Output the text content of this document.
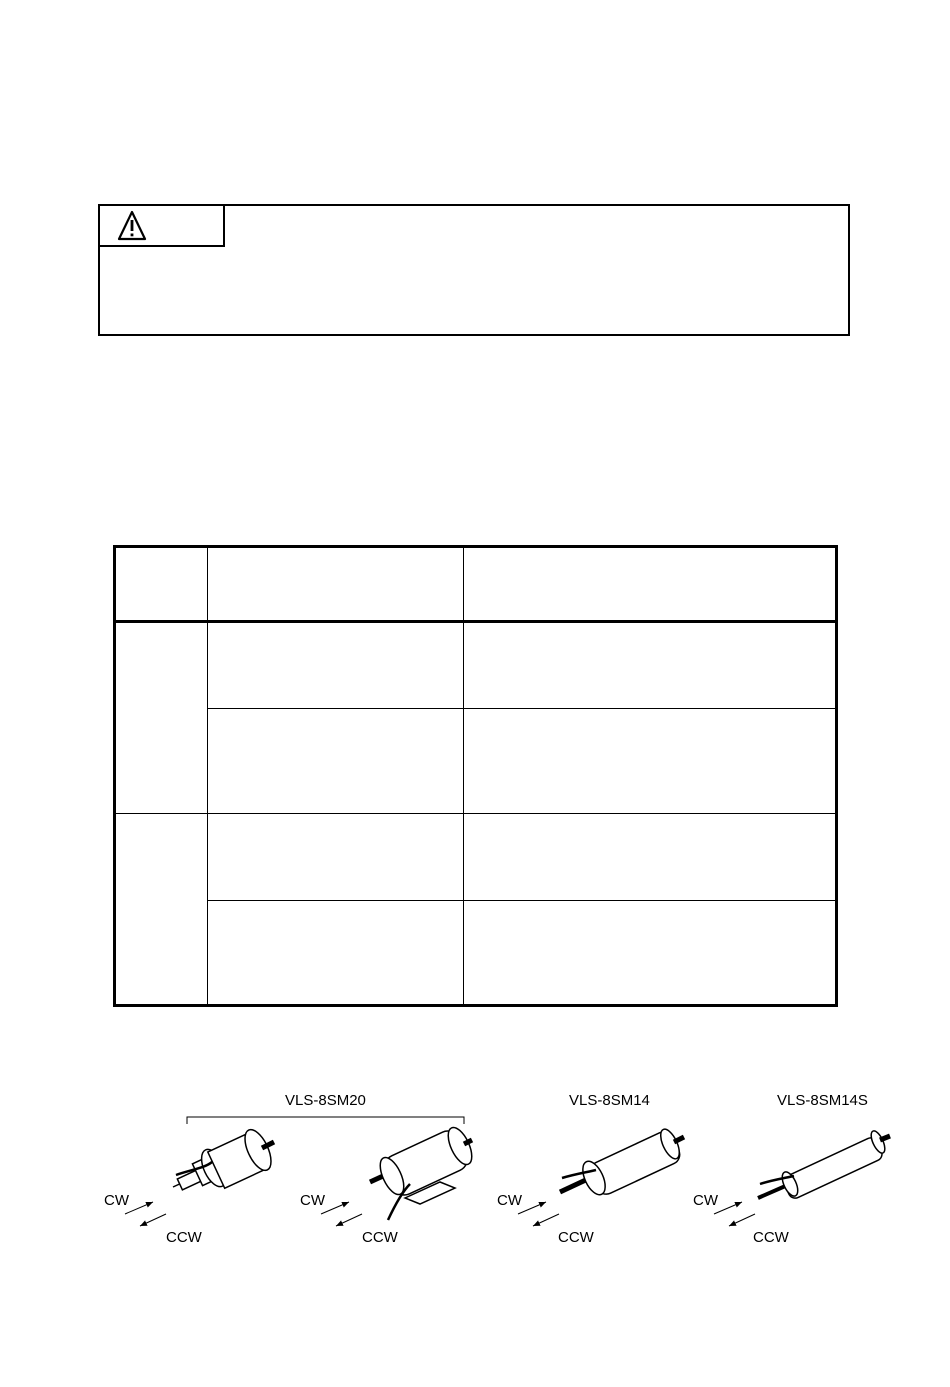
VLS-8SM20	VLS-8SM14	VLS-8SM14S
CW
CCW
CW
CCW
CW
CCW
CW
CCW
